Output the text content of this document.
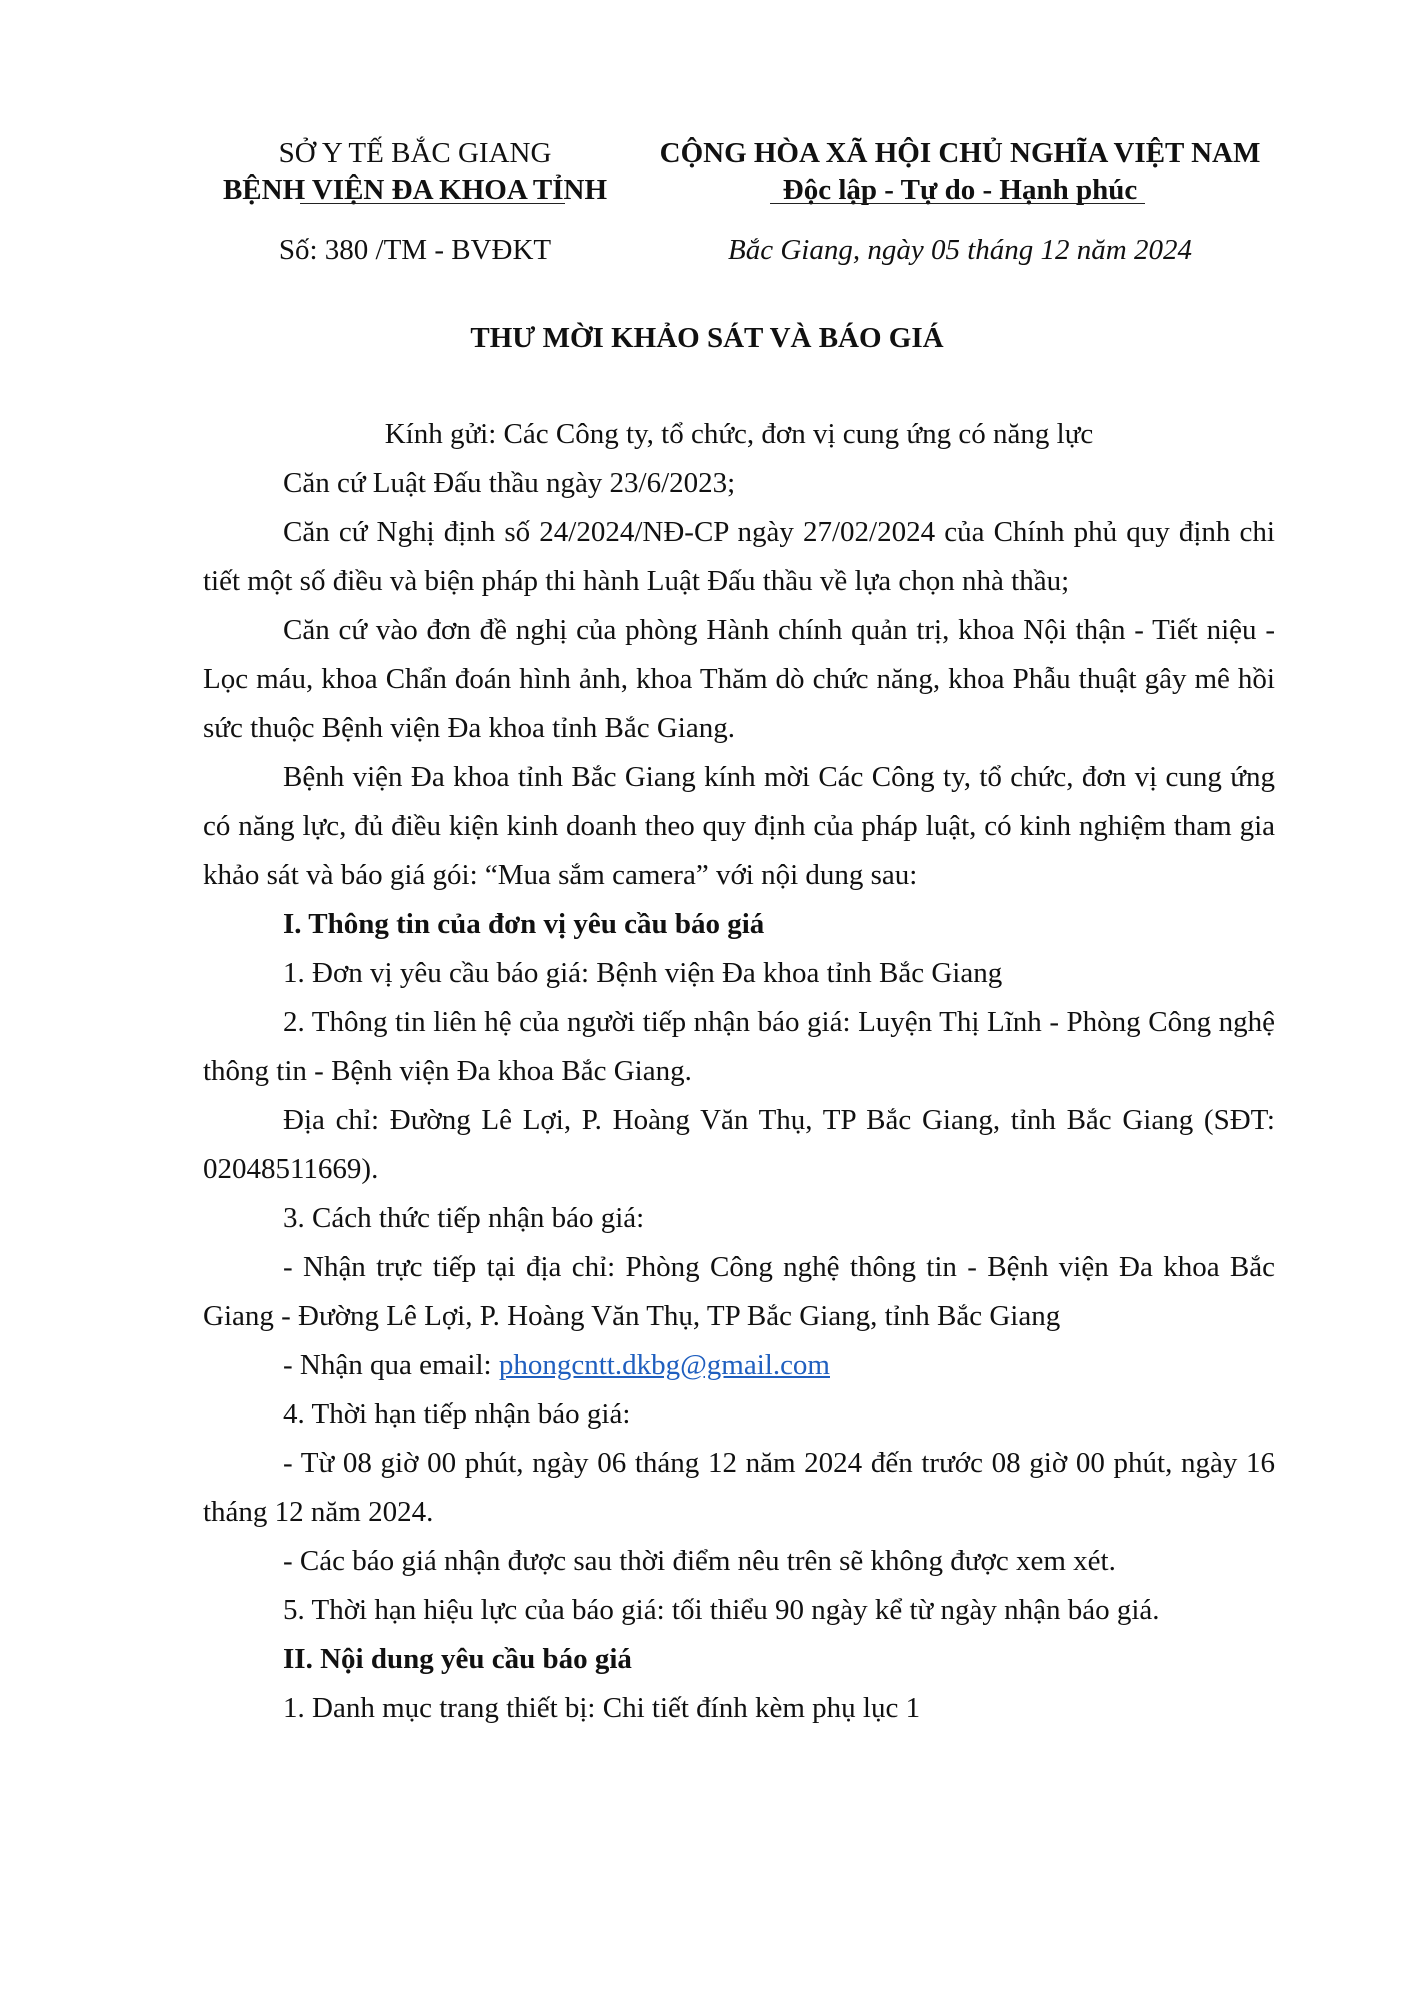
SỞ Y TẾ BẮC GIANG
BỆNH VIỆN ĐA KHOA TỈNH
CỘNG HÒA XÃ HỘI CHỦ NGHĨA VIỆT NAM
Độc lập - Tự do - Hạnh phúc
Số: 380 /TM - BVĐKT	Bắc Giang, ngày 05 tháng 12 năm 2024
THƯ MỜI KHẢO SÁT VÀ BÁO GIÁ

Kính gửi: Các Công ty, tổ chức, đơn vị cung ứng có năng lực

Căn cứ Luật Đấu thầu ngày 23/6/2023;

Căn cứ Nghị định số 24/2024/NĐ-CP ngày 27/02/2024 của Chính phủ quy định chi tiết một số điều và biện pháp thi hành Luật Đấu thầu về lựa chọn nhà thầu;

Căn cứ vào đơn đề nghị của phòng Hành chính quản trị, khoa Nội thận - Tiết niệu - Lọc máu, khoa Chẩn đoán hình ảnh, khoa Thăm dò chức năng, khoa Phẫu thuật gây mê hồi sức thuộc Bệnh viện Đa khoa tỉnh Bắc Giang.

Bệnh viện Đa khoa tỉnh Bắc Giang kính mời Các Công ty, tổ chức, đơn vị cung ứng có năng lực, đủ điều kiện kinh doanh theo quy định của pháp luật, có kinh nghiệm tham gia khảo sát và báo giá gói: “Mua sắm camera” với nội dung sau:

I. Thông tin của đơn vị yêu cầu báo giá

1. Đơn vị yêu cầu báo giá: Bệnh viện Đa khoa tỉnh Bắc Giang

2. Thông tin liên hệ của người tiếp nhận báo giá: Luyện Thị Lĩnh - Phòng Công nghệ thông tin - Bệnh viện Đa khoa Bắc Giang.

Địa chỉ: Đường Lê Lợi, P. Hoàng Văn Thụ, TP Bắc Giang, tỉnh Bắc Giang (SĐT: 02048511669).

3. Cách thức tiếp nhận báo giá:

- Nhận trực tiếp tại địa chỉ: Phòng Công nghệ thông tin - Bệnh viện Đa khoa Bắc Giang - Đường Lê Lợi, P. Hoàng Văn Thụ, TP Bắc Giang, tỉnh Bắc Giang

- Nhận qua email: phongcntt.dkbg@gmail.com

4. Thời hạn tiếp nhận báo giá:

- Từ 08 giờ 00 phút, ngày 06 tháng 12 năm 2024 đến trước 08 giờ 00 phút, ngày 16 tháng 12 năm 2024.

- Các báo giá nhận được sau thời điểm nêu trên sẽ không được xem xét.

5. Thời hạn hiệu lực của báo giá: tối thiểu 90 ngày kể từ ngày nhận báo giá.

II. Nội dung yêu cầu báo giá

1. Danh mục trang thiết bị: Chi tiết đính kèm phụ lục 1
